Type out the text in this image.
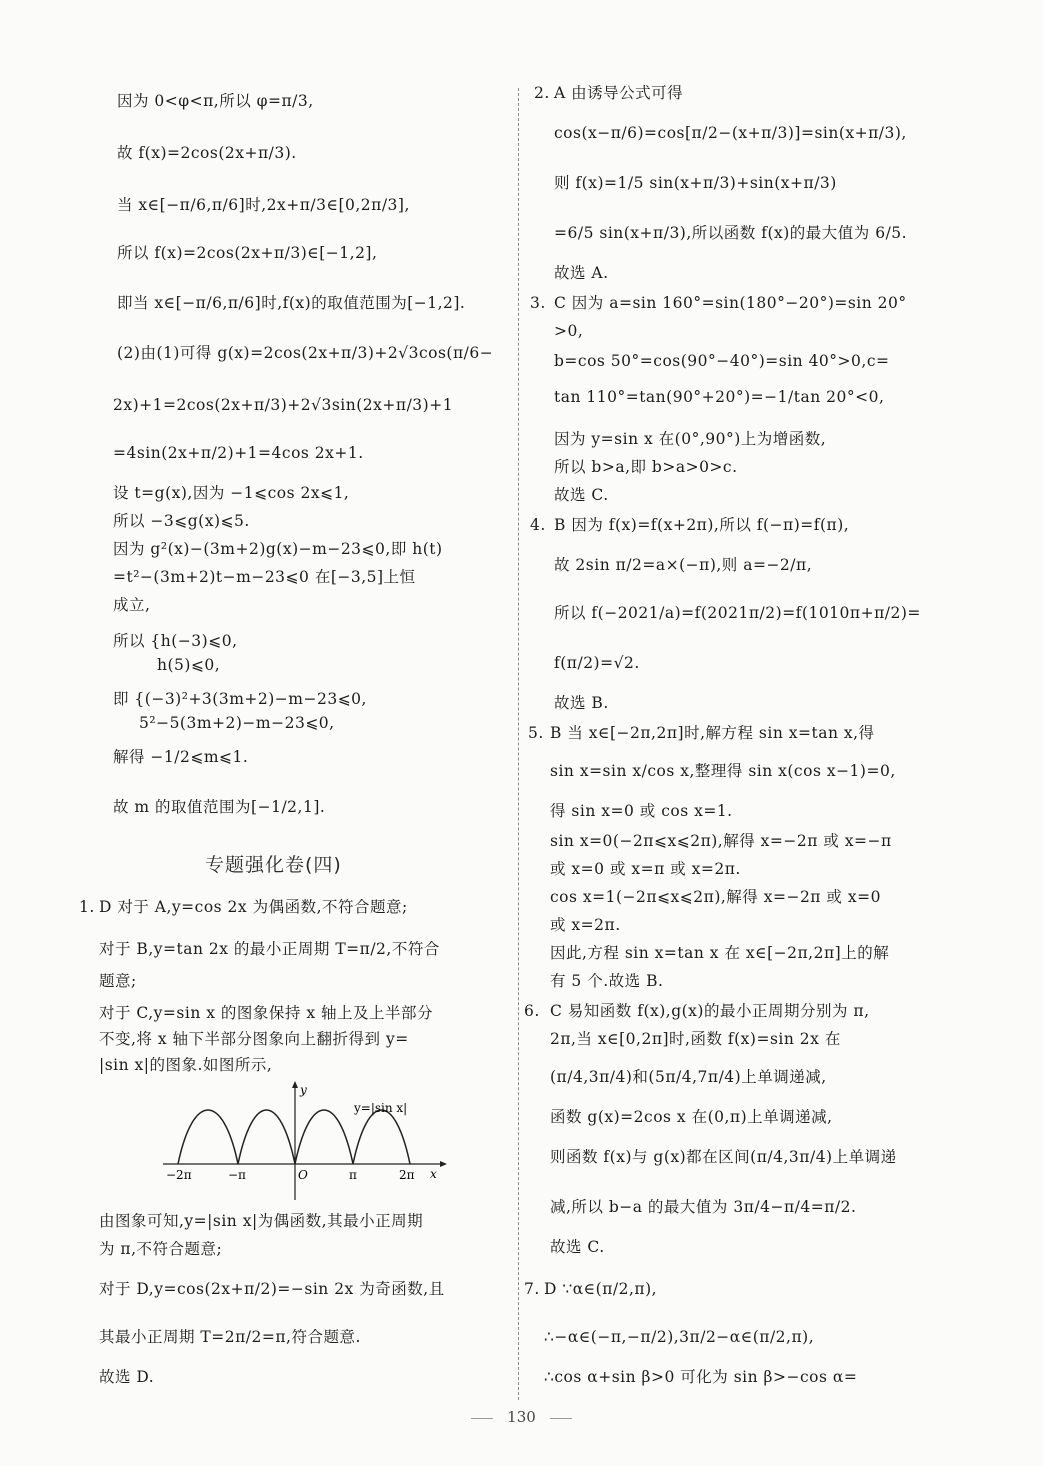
因为 0<φ<π,所以 φ=π/3,
故 f(x)=2cos(2x+π/3).
当 x∈[−π/6,π/6]时,2x+π/3∈[0,2π/3],
所以 f(x)=2cos(2x+π/3)∈[−1,2],
即当 x∈[−π/6,π/6]时,f(x)的取值范围为[−1,2].
(2)由(1)可得 g(x)=2cos(2x+π/3)+2√3cos(π/6−
2x)+1=2cos(2x+π/3)+2√3sin(2x+π/3)+1
=4sin(2x+π/2)+1=4cos 2x+1.
设 t=g(x),因为 −1⩽cos 2x⩽1,
所以 −3⩽g(x)⩽5.
因为 g²(x)−(3m+2)g(x)−m−23⩽0,即 h(t)
=t²−(3m+2)t−m−23⩽0 在[−3,5]上恒
成立,
所以 {h(−3)⩽0,
h(5)⩽0,
即 {(−3)²+3(3m+2)−m−23⩽0,
5²−5(3m+2)−m−23⩽0,
解得 −1/2⩽m⩽1.
故 m 的取值范围为[−1/2,1].
专题强化卷(四)
1. D 对于 A,y=cos 2x 为偶函数,不符合题意;
对于 B,y=tan 2x 的最小正周期 T=π/2,不符合
题意;
对于 C,y=sin x 的图象保持 x 轴上及上半部分
不变,将 x 轴下半部分图象向上翻折得到 y=
|sin x|的图象.如图所示,
由图象可知,y=|sin x|为偶函数,其最小正周期
为 π,不符合题意;
对于 D,y=cos(2x+π/2)=−sin 2x 为奇函数,且
其最小正周期 T=2π/2=π,符合题意.
故选 D.
y
x
y=|sin x|
−2π	−π	O	π	2π
2. A 由诱导公式可得
cos(x−π/6)=cos[π/2−(x+π/3)]=sin(x+π/3),
则 f(x)=1/5 sin(x+π/3)+sin(x+π/3)
=6/5 sin(x+π/3),所以函数 f(x)的最大值为 6/5.
故选 A.
3. C 因为 a=sin 160°=sin(180°−20°)=sin 20°
>0,
b=cos 50°=cos(90°−40°)=sin 40°>0,c=
tan 110°=tan(90°+20°)=−1/tan 20°<0,
因为 y=sin x 在(0°,90°)上为增函数,
所以 b>a,即 b>a>0>c.
故选 C.
4. B 因为 f(x)=f(x+2π),所以 f(−π)=f(π),
故 2sin π/2=a×(−π),则 a=−2/π,
所以 f(−2021/a)=f(2021π/2)=f(1010π+π/2)=
f(π/2)=√2.
故选 B.
5. B 当 x∈[−2π,2π]时,解方程 sin x=tan x,得
sin x=sin x/cos x,整理得 sin x(cos x−1)=0,
得 sin x=0 或 cos x=1.
sin x=0(−2π⩽x⩽2π),解得 x=−2π 或 x=−π
或 x=0 或 x=π 或 x=2π.
cos x=1(−2π⩽x⩽2π),解得 x=−2π 或 x=0
或 x=2π.
因此,方程 sin x=tan x 在 x∈[−2π,2π]上的解
有 5 个.故选 B.
6. C 易知函数 f(x),g(x)的最小正周期分别为 π,
2π,当 x∈[0,2π]时,函数 f(x)=sin 2x 在
(π/4,3π/4)和(5π/4,7π/4)上单调递减,
函数 g(x)=2cos x 在(0,π)上单调递减,
则函数 f(x)与 g(x)都在区间(π/4,3π/4)上单调递
减,所以 b−a 的最大值为 3π/4−π/4=π/2.
故选 C.
7. D ∵α∈(π/2,π),
∴−α∈(−π,−π/2),3π/2−α∈(π/2,π),
∴cos α+sin β>0 可化为 sin β>−cos α=
130
